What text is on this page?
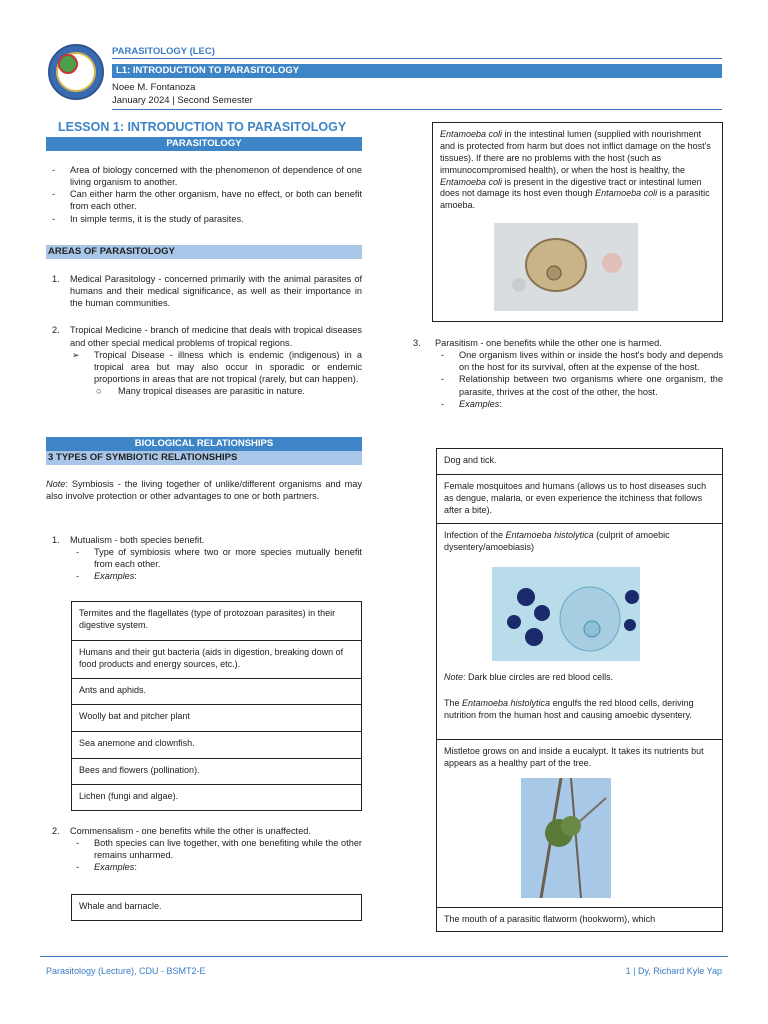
PARASITOLOGY (LEC)
L1: INTRODUCTION TO PARASITOLOGY
Noee M. Fontanoza
January 2024 | Second Semester
LESSON 1: INTRODUCTION TO PARASITOLOGY
PARASITOLOGY
-	Area of biology concerned with the phenomenon of dependence of one living organism to another.
-	Can either harm the other organism, have no effect, or both can benefit from each other.
-	In simple terms, it is the study of parasites.
AREAS OF PARASITOLOGY
1.	Medical Parasitology - concerned primarily with the animal parasites of humans and their medical significance, as well as their importance in the human communities.
2.	Tropical Medicine - branch of medicine that deals with tropical diseases and other special medical problems of tropical regions.
➢	Tropical Disease - illness which is endemic (indigenous) in a tropical area but may also occur in sporadic or endemic proportions in areas that are not tropical (rarely, but can happen).
○	Many tropical diseases are parasitic in nature.
BIOLOGICAL RELATIONSHIPS
3 TYPES OF SYMBIOTIC RELATIONSHIPS
Note: Symbiosis - the living together of unlike/different organisms and may also involve protection or other advantages to one or both partners.
1.	Mutualism - both species benefit.
-	Type of symbiosis where two or more species mutually benefit from each other.
-	Examples:
Termites and the flagellates (type of protozoan parasites) in their digestive system.
Humans and their gut bacteria (aids in digestion, breaking down of food products and energy sources, etc.).
Ants and aphids.
Woolly bat and pitcher plant
Sea anemone and clownfish.
Bees and flowers (pollination).
Lichen (fungi and algae).
2.	Commensalism - one benefits while the other is unaffected.
-	Both species can live together, with one benefiting while the other remains unharmed.
-	Examples:
Whale and barnacle.
Entamoeba coli in the intestinal lumen (supplied with nourishment and is protected from harm but does not inflict damage on the host's tissues). If there are no problems with the host (such as immunocompromised health), or when the host is healthy, the Entamoeba coli is present in the digestive tract or intestinal lumen does not damage its host even though Entamoeba coli is a parasitic amoeba.
3.	Parasitism - one benefits while the other one is harmed.
-	One organism lives within or inside the host's body and depends on the host for its survival, often at the expense of the host.
-	Relationship between two organisms where one organism, the parasite, thrives at the cost of the other, the host.
-	Examples:
Dog and tick.
Female mosquitoes and humans (allows us to host diseases such as dengue, malaria, or even experience the itchiness that follows after a bite).
Infection of the Entamoeba histolytica (culprit of amoebic dysentery/amoebiasis)
Note: Dark blue circles are red blood cells.
The Entamoeba histolytica engulfs the red blood cells, deriving nutrition from the human host and causing amoebic dysentery.
Mistletoe grows on and inside a eucalypt. It takes its nutrients but appears as a healthy part of the tree.
The mouth of a parasitic flatworm (hookworm), which
Parasitology (Lecture), CDU - BSMT2-E	1 | Dy, Richard Kyle Yap
